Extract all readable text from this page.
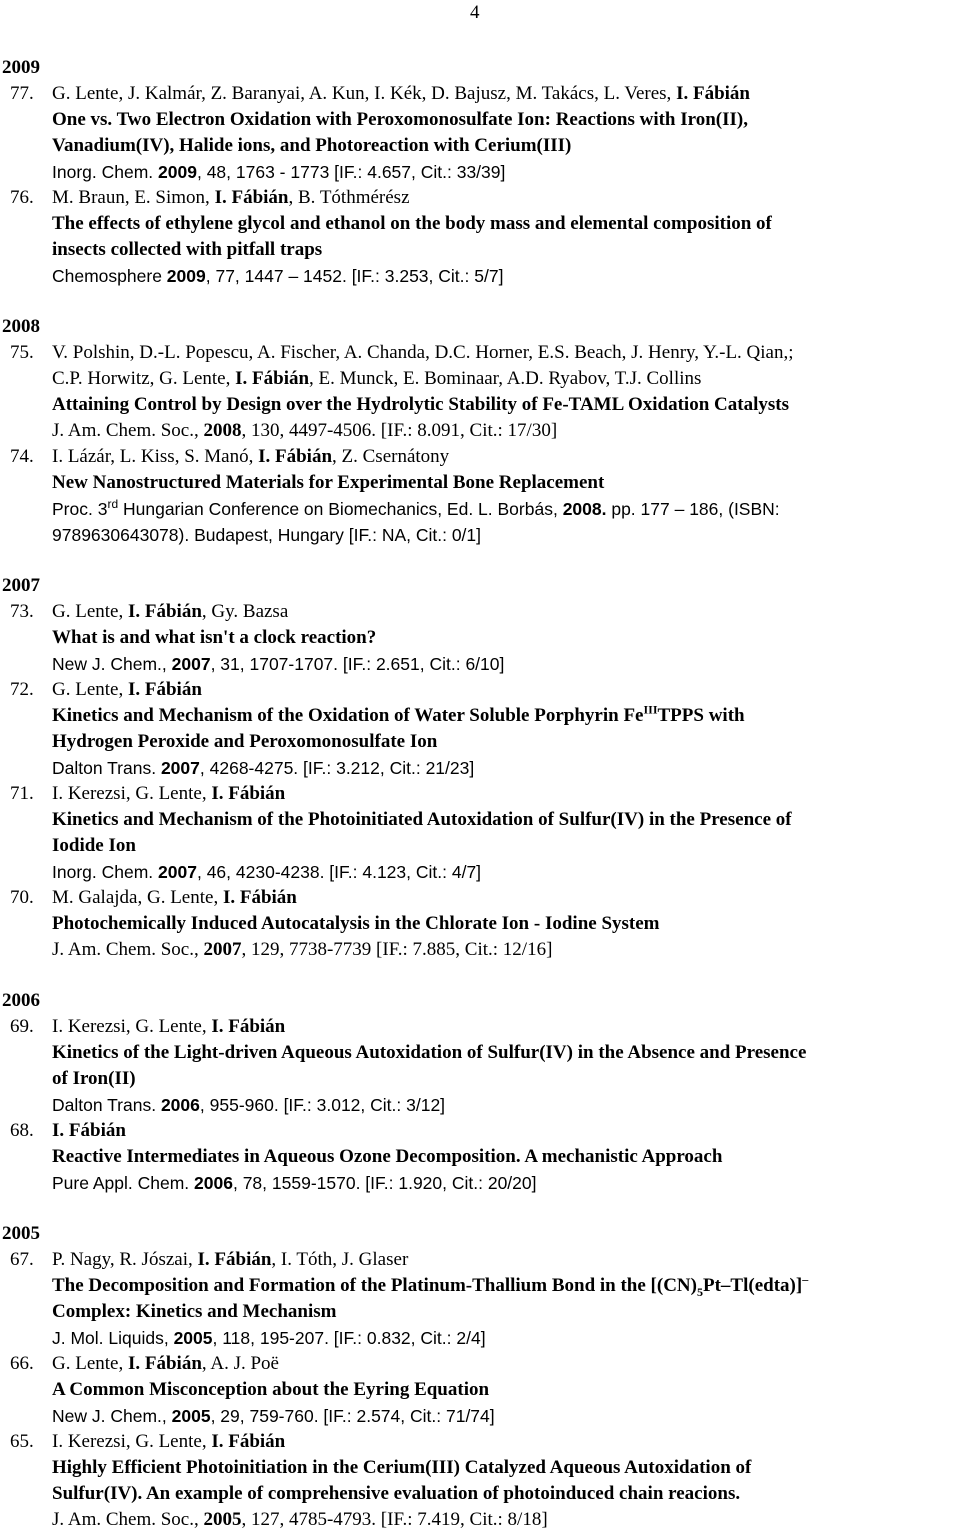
4
2009
77. G. Lente, J. Kalmár, Z. Baranyai, A. Kun, I. Kék, D. Bajusz, M. Takács, L. Veres, I. Fábián
One vs. Two Electron Oxidation with Peroxomonosulfate Ion: Reactions with Iron(II),
Vanadium(IV), Halide ions, and Photoreaction with Cerium(III)
Inorg. Chem. 2009, 48, 1763 - 1773 [IF.: 4.657, Cit.: 33/39]
76. M. Braun, E. Simon, I. Fábián, B. Tóthmérész
The effects of ethylene glycol and ethanol on the body mass and elemental composition of
insects collected with pitfall traps
Chemosphere 2009, 77, 1447 – 1452. [IF.: 3.253, Cit.: 5/7]
2008
75. V. Polshin, D.-L. Popescu, A. Fischer, A. Chanda, D.C. Horner, E.S. Beach, J. Henry, Y.-L. Qian,;
C.P. Horwitz, G. Lente, I. Fábián, E. Munck, E. Bominaar, A.D. Ryabov, T.J. Collins
Attaining Control by Design over the Hydrolytic Stability of Fe-TAML Oxidation Catalysts
J. Am. Chem. Soc., 2008, 130, 4497-4506. [IF.: 8.091, Cit.: 17/30]
74. I. Lázár, L. Kiss, S. Manó, I. Fábián, Z. Csernátony
New Nanostructured Materials for Experimental Bone Replacement
Proc. 3rd Hungarian Conference on Biomechanics, Ed. L. Borbás, 2008. pp. 177 – 186, (ISBN:
9789630643078). Budapest, Hungary [IF.: NA, Cit.: 0/1]
2007
73. G. Lente, I. Fábián, Gy. Bazsa
What is and what isn't a clock reaction?
New J. Chem., 2007, 31, 1707-1707. [IF.: 2.651, Cit.: 6/10]
72. G. Lente, I. Fábián
Kinetics and Mechanism of the Oxidation of Water Soluble Porphyrin $Fe^{III}TPPS$ with
Hydrogen Peroxide and Peroxomonosulfate Ion
Dalton Trans. 2007, 4268-4275. [IF.: 3.212, Cit.: 21/23]
71. I. Kerezsi, G. Lente, I. Fábián
Kinetics and Mechanism of the Photoinitiated Autoxidation of Sulfur(IV) in the Presence of
Iodide Ion
Inorg. Chem. 2007, 46, 4230-4238. [IF.: 4.123, Cit.: 4/7]
70. M. Galajda, G. Lente, I. Fábián
Photochemically Induced Autocatalysis in the Chlorate Ion - Iodine System
J. Am. Chem. Soc., 2007, 129, 7738-7739 [IF.: 7.885, Cit.: 12/16]
2006
69. I. Kerezsi, G. Lente, I. Fábián
Kinetics of the Light-driven Aqueous Autoxidation of Sulfur(IV) in the Absence and Presence
of Iron(II)
Dalton Trans. 2006, 955-960. [IF.: 3.012, Cit.: 3/12]
68. I. Fábián
Reactive Intermediates in Aqueous Ozone Decomposition. A mechanistic Approach
Pure Appl. Chem. 2006, 78, 1559-1570. [IF.: 1.920, Cit.: 20/20]
2005
67. P. Nagy, R. Jószai, I. Fábián, I. Tóth, J. Glaser
The Decomposition and Formation of the Platinum-Thallium Bond in the $[(CN)_5Pt-Tl(edta)]^-$
Complex: Kinetics and Mechanism
J. Mol. Liquids, 2005, 118, 195-207. [IF.: 0.832, Cit.: 2/4]
66. G. Lente, I. Fábián, A. J. Poë
A Common Misconception about the Eyring Equation
New J. Chem., 2005, 29, 759-760. [IF.: 2.574, Cit.: 71/74]
65. I. Kerezsi, G. Lente, I. Fábián
Highly Efficient Photoinitiation in the Cerium(III) Catalyzed Aqueous Autoxidation of
Sulfur(IV). An example of comprehensive evaluation of photoinduced chain reacions.
J. Am. Chem. Soc., 2005, 127, 4785-4793. [IF.: 7.419, Cit.: 8/18]
